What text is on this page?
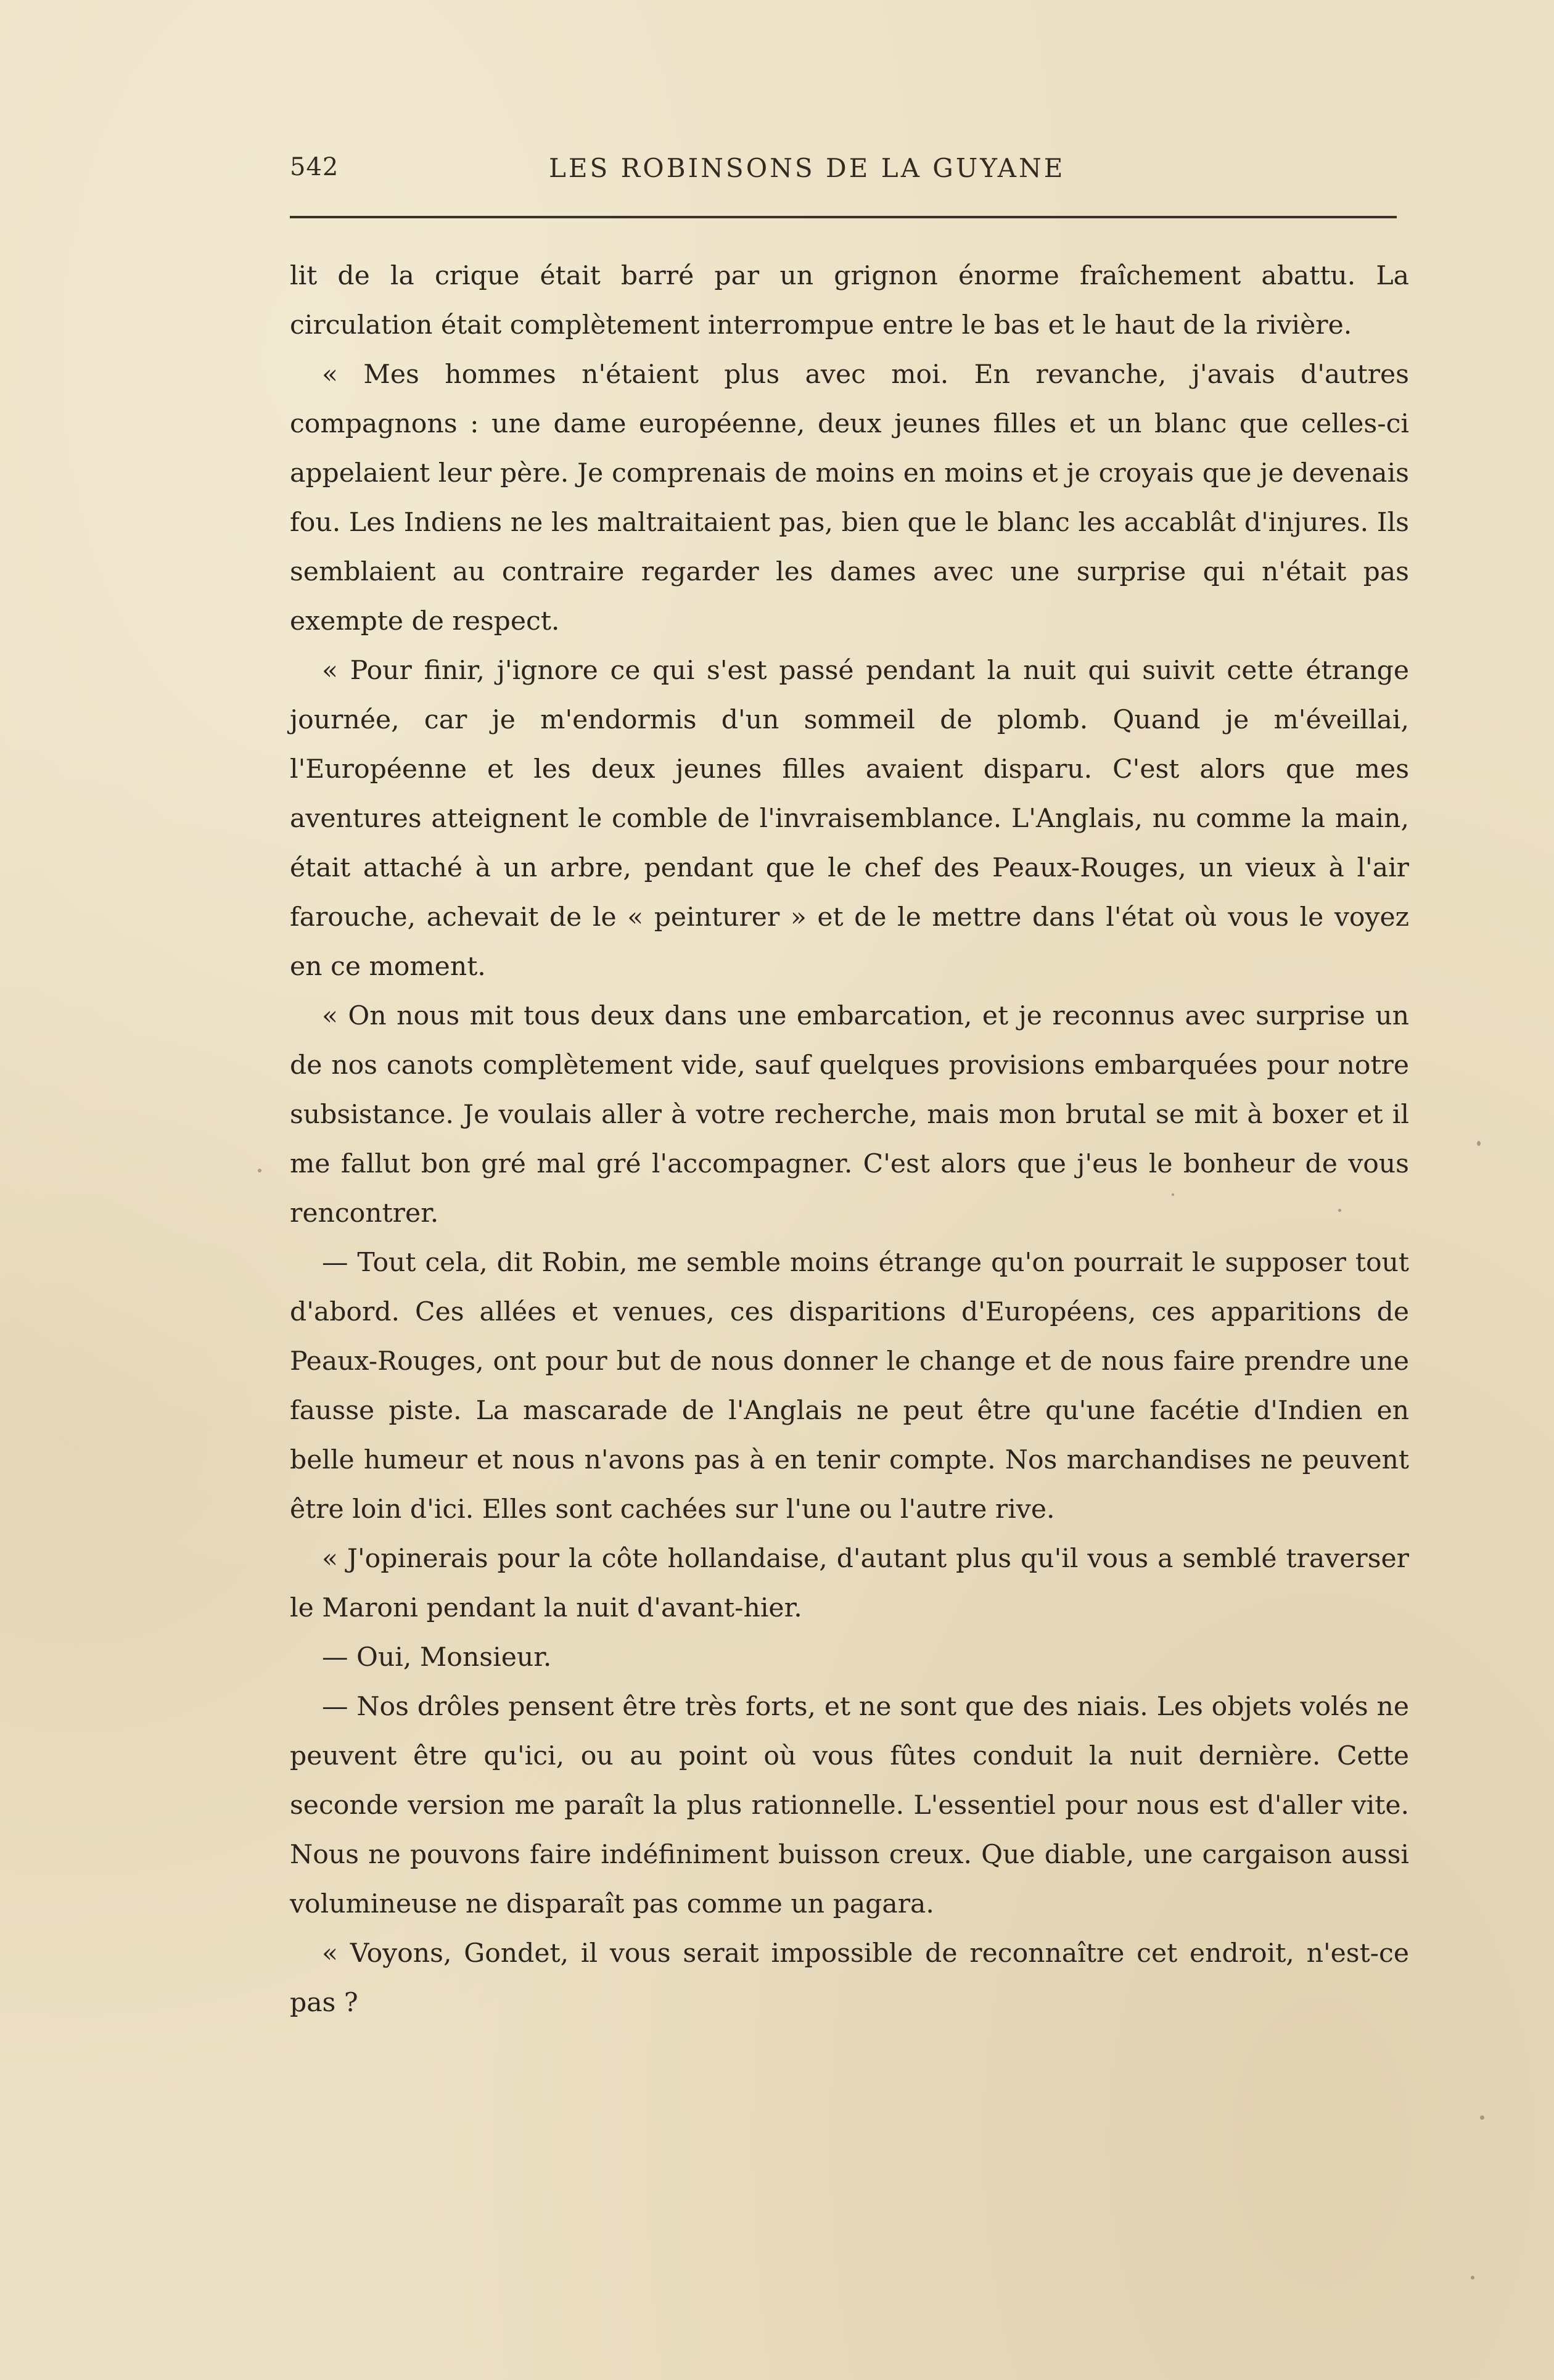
542	LES ROBINSONS DE LA GUYANE

lit de la crique était barré par un grignon énorme fraîchement abattu. La circulation était complètement interrompue entre le bas et le haut de la rivière.

« Mes hommes n'étaient plus avec moi. En revanche, j'avais d'autres compagnons : une dame européenne, deux jeunes filles et un blanc que celles-ci appelaient leur père. Je comprenais de moins en moins et je croyais que je devenais fou. Les Indiens ne les maltraitaient pas, bien que le blanc les accablât d'injures. Ils semblaient au contraire regarder les dames avec une surprise qui n'était pas exempte de respect.

« Pour finir, j'ignore ce qui s'est passé pendant la nuit qui suivit cette étrange journée, car je m'endormis d'un sommeil de plomb. Quand je m'éveillai, l'Européenne et les deux jeunes filles avaient disparu. C'est alors que mes aventures atteignent le comble de l'invraisemblance. L'Anglais, nu comme la main, était attaché à un arbre, pendant que le chef des Peaux-Rouges, un vieux à l'air farouche, achevait de le « peinturer » et de le mettre dans l'état où vous le voyez en ce moment.

« On nous mit tous deux dans une embarcation, et je reconnus avec surprise un de nos canots complètement vide, sauf quelques provisions embarquées pour notre subsistance. Je voulais aller à votre recherche, mais mon brutal se mit à boxer et il me fallut bon gré mal gré l'accompagner. C'est alors que j'eus le bonheur de vous rencontrer.

— Tout cela, dit Robin, me semble moins étrange qu'on pourrait le supposer tout d'abord. Ces allées et venues, ces disparitions d'Européens, ces apparitions de Peaux-Rouges, ont pour but de nous donner le change et de nous faire prendre une fausse piste. La mascarade de l'Anglais ne peut être qu'une facétie d'Indien en belle humeur et nous n'avons pas à en tenir compte. Nos marchandises ne peuvent être loin d'ici. Elles sont cachées sur l'une ou l'autre rive.

« J'opinerais pour la côte hollandaise, d'autant plus qu'il vous a semblé traverser le Maroni pendant la nuit d'avant-hier.

— Oui, Monsieur.

— Nos drôles pensent être très forts, et ne sont que des niais. Les objets volés ne peuvent être qu'ici, ou au point où vous fûtes conduit la nuit dernière. Cette seconde version me paraît la plus rationnelle. L'essentiel pour nous est d'aller vite. Nous ne pouvons faire indéfiniment buisson creux. Que diable, une cargaison aussi volumineuse ne disparaît pas comme un pagara.

« Voyons, Gondet, il vous serait impossible de reconnaître cet endroit, n'est-ce pas ?
